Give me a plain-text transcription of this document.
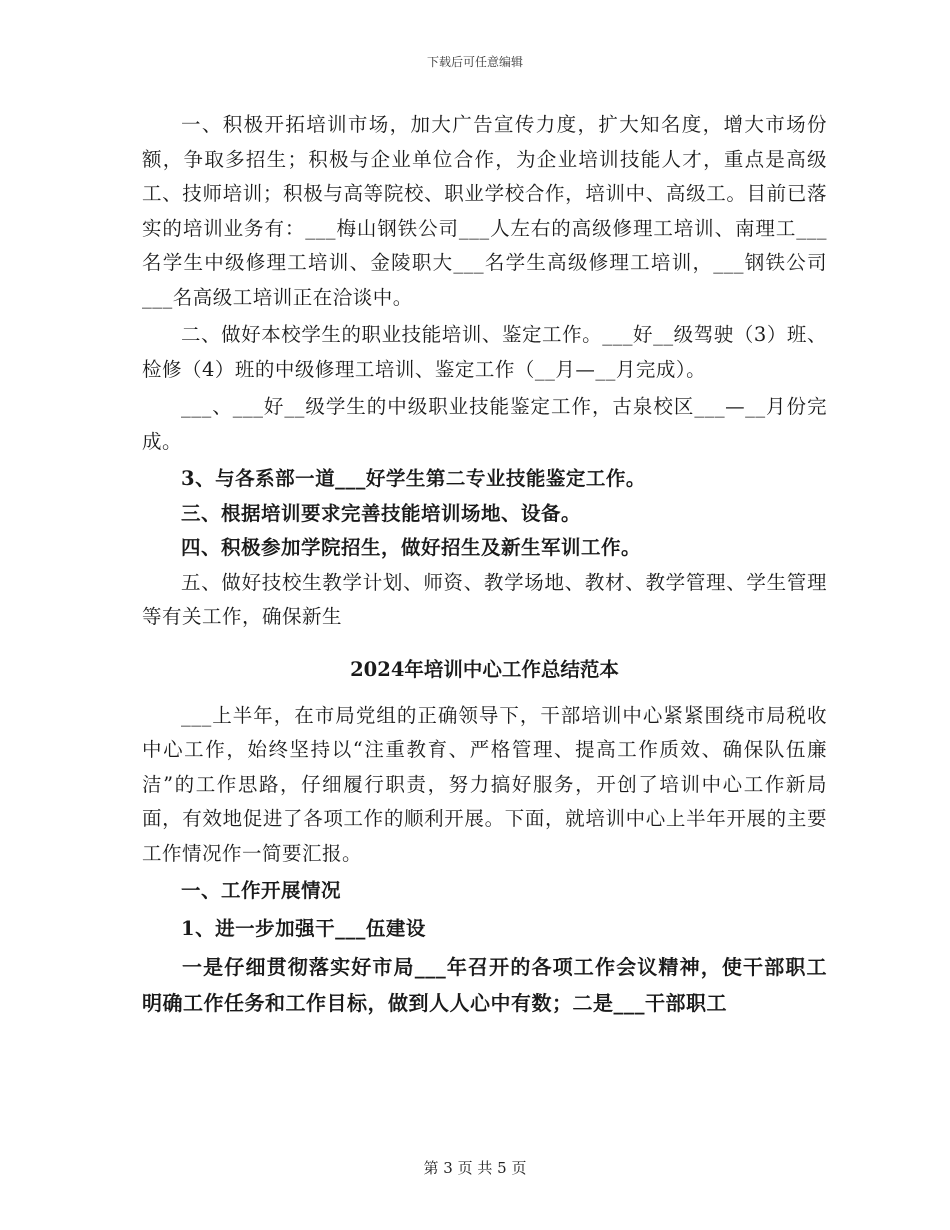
下载后可任意编辑

一、积极开拓培训市场，加大广告宣传力度，扩大知名度，增大市场份额，争取多招生；积极与企业单位合作，为企业培训技能人才，重点是高级工、技师培训；积极与高等院校、职业学校合作，培训中、高级工。目前已落实的培训业务有：___梅山钢铁公司___人左右的高级修理工培训、南理工___名学生中级修理工培训、金陵职大___名学生高级修理工培训，___钢铁公司___名高级工培训正在洽谈中。

二、做好本校学生的职业技能培训、鉴定工作。___好__级驾驶（3）班、检修（4）班的中级修理工培训、鉴定工作（__月—__月完成）。

___、___好__级学生的中级职业技能鉴定工作，古泉校区___—__月份完成。

3、与各系部一道___好学生第二专业技能鉴定工作。

三、根据培训要求完善技能培训场地、设备。

四、积极参加学院招生，做好招生及新生军训工作。

五、做好技校生教学计划、师资、教学场地、教材、教学管理、学生管理等有关工作，确保新生

2024年培训中心工作总结范本

___上半年，在市局党组的正确领导下，干部培训中心紧紧围绕市局税收中心工作，始终坚持以“注重教育、严格管理、提高工作质效、确保队伍廉洁”的工作思路，仔细履行职责，努力搞好服务，开创了培训中心工作新局面，有效地促进了各项工作的顺利开展。下面，就培训中心上半年开展的主要工作情况作一简要汇报。

一、工作开展情况

1、进一步加强干___伍建设

一是仔细贯彻落实好市局___年召开的各项工作会议精神，使干部职工明确工作任务和工作目标，做到人人心中有数；二是___干部职工

第 3 页 共 5 页
